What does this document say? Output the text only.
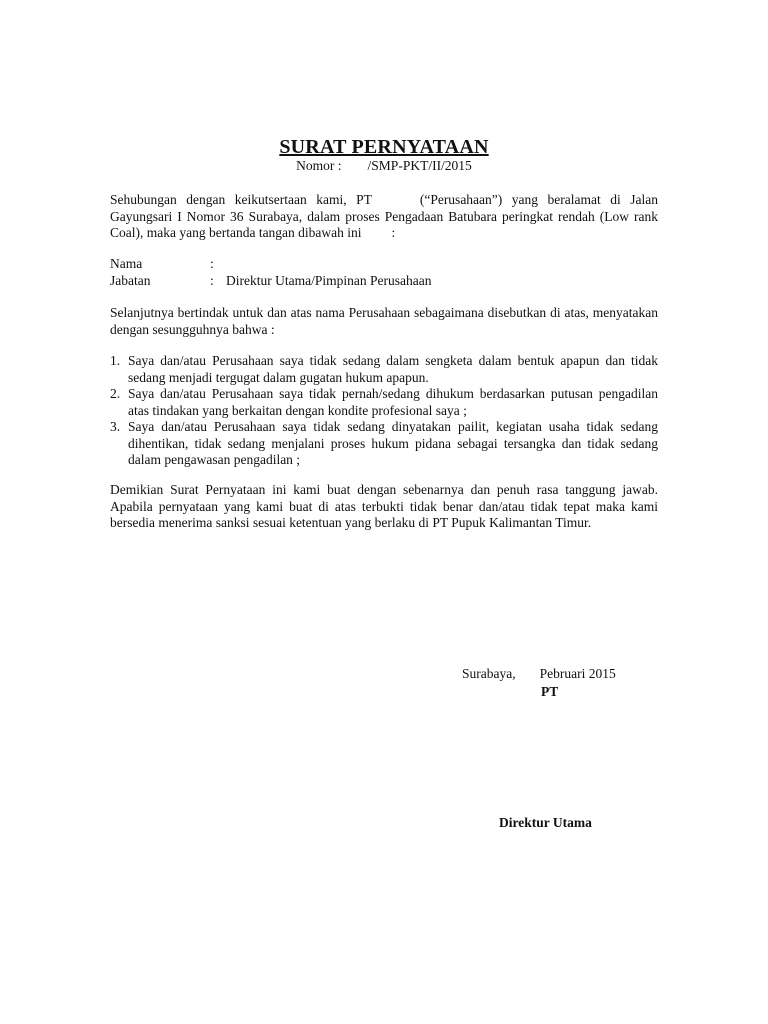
SURAT PERNYATAAN
Nomor : /SMP-PKT/II/2015
Sehubungan dengan keikutsertaan kami, PT	(“Perusahaan”) yang beralamat di Jalan Gayungsari I Nomor 36 Surabaya, dalam proses Pengadaan Batubara peringkat rendah (Low rank Coal), maka yang bertanda tangan dibawah ini :
Nama	:
Jabatan	: Direktur Utama/Pimpinan Perusahaan
Selanjutnya bertindak untuk dan atas nama Perusahaan sebagaimana disebutkan di atas, menyatakan dengan sesungguhnya bahwa :
1. Saya dan/atau Perusahaan saya tidak sedang dalam sengketa dalam bentuk apapun dan tidak sedang menjadi tergugat dalam gugatan hukum apapun.
2. Saya dan/atau Perusahaan saya tidak pernah/sedang dihukum berdasarkan putusan pengadilan atas tindakan yang berkaitan dengan kondite profesional saya ;
3. Saya dan/atau Perusahaan saya tidak sedang dinyatakan pailit, kegiatan usaha tidak sedang dihentikan, tidak sedang menjalani proses hukum pidana sebagai tersangka dan tidak sedang dalam pengawasan pengadilan ;
Demikian Surat Pernyataan ini kami buat dengan sebenarnya dan penuh rasa tanggung jawab. Apabila pernyataan yang kami buat di atas terbukti tidak benar dan/atau tidak tepat maka kami bersedia menerima sanksi sesuai ketentuan yang berlaku di PT Pupuk Kalimantan Timur.
Surabaya, Pebruari 2015
PT
Direktur Utama
